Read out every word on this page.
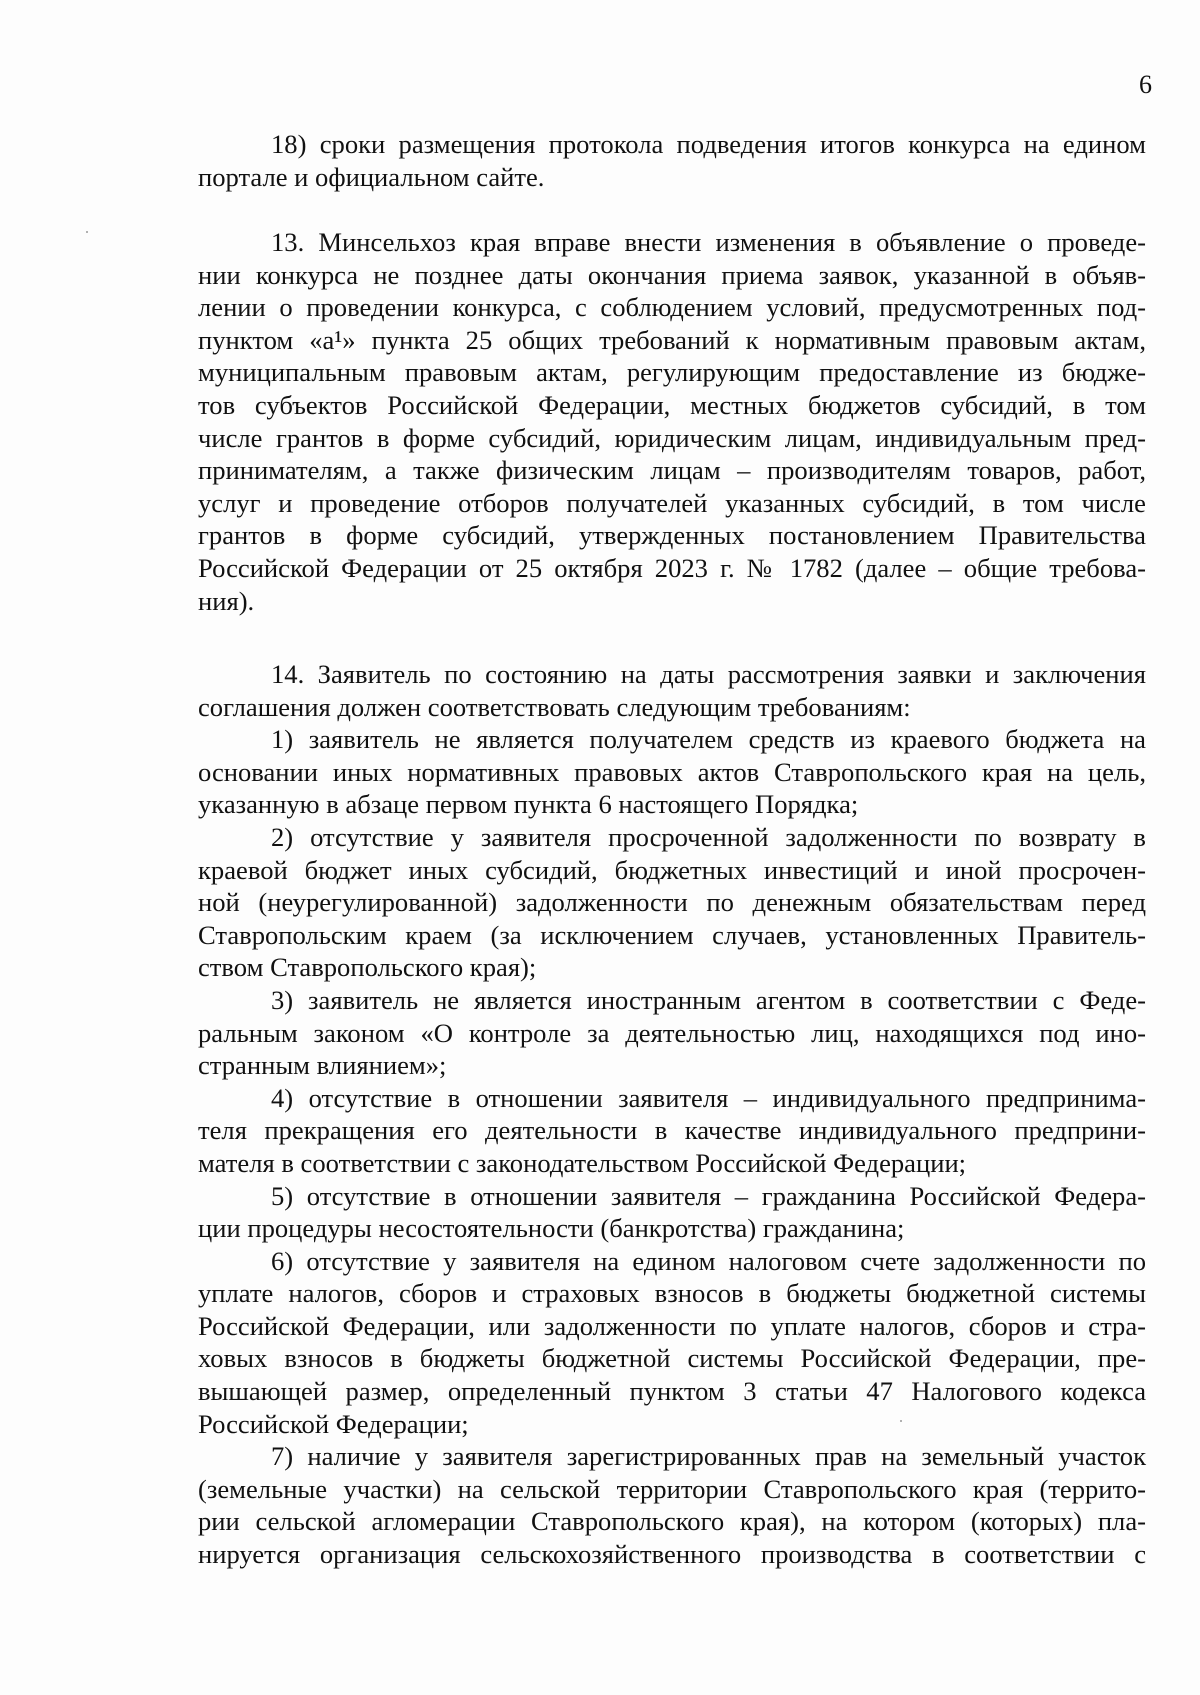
6
18) сроки размещения протокола подведения итогов конкурса на едином
портале и официальном сайте.
13. Минсельхоз края вправе внести изменения в объявление о проведе-
нии конкурса не позднее даты окончания приема заявок, указанной в объяв-
лении о проведении конкурса, с соблюдением условий, предусмотренных под-
пунктом «а¹» пункта 25 общих требований к нормативным правовым актам,
муниципальным правовым актам, регулирующим предоставление из бюдже-
тов субъектов Российской Федерации, местных бюджетов субсидий, в том
числе грантов в форме субсидий, юридическим лицам, индивидуальным пред-
принимателям, а также физическим лицам – производителям товаров, работ,
услуг и проведение отборов получателей указанных субсидий, в том числе
грантов в форме субсидий, утвержденных постановлением Правительства
Российской Федерации от 25 октября 2023 г. № 1782 (далее – общие требова-
ния).
14. Заявитель по состоянию на даты рассмотрения заявки и заключения
соглашения должен соответствовать следующим требованиям:
1) заявитель не является получателем средств из краевого бюджета на
основании иных нормативных правовых актов Ставропольского края на цель,
указанную в абзаце первом пункта 6 настоящего Порядка;
2) отсутствие у заявителя просроченной задолженности по возврату в
краевой бюджет иных субсидий, бюджетных инвестиций и иной просрочен-
ной (неурегулированной) задолженности по денежным обязательствам перед
Ставропольским краем (за исключением случаев, установленных Правитель-
ством Ставропольского края);
3) заявитель не является иностранным агентом в соответствии с Феде-
ральным законом «О контроле за деятельностью лиц, находящихся под ино-
странным влиянием»;
4) отсутствие в отношении заявителя – индивидуального предпринима-
теля прекращения его деятельности в качестве индивидуального предприни-
мателя в соответствии с законодательством Российской Федерации;
5) отсутствие в отношении заявителя – гражданина Российской Федера-
ции процедуры несостоятельности (банкротства) гражданина;
6) отсутствие у заявителя на едином налоговом счете задолженности по
уплате налогов, сборов и страховых взносов в бюджеты бюджетной системы
Российской Федерации, или задолженности по уплате налогов, сборов и стра-
ховых взносов в бюджеты бюджетной системы Российской Федерации, пре-
вышающей размер, определенный пунктом 3 статьи 47 Налогового кодекса
Российской Федерации;
7) наличие у заявителя зарегистрированных прав на земельный участок
(земельные участки) на сельской территории Ставропольского края (террито-
рии сельской агломерации Ставропольского края), на котором (которых) пла-
нируется организация сельскохозяйственного производства в соответствии с
